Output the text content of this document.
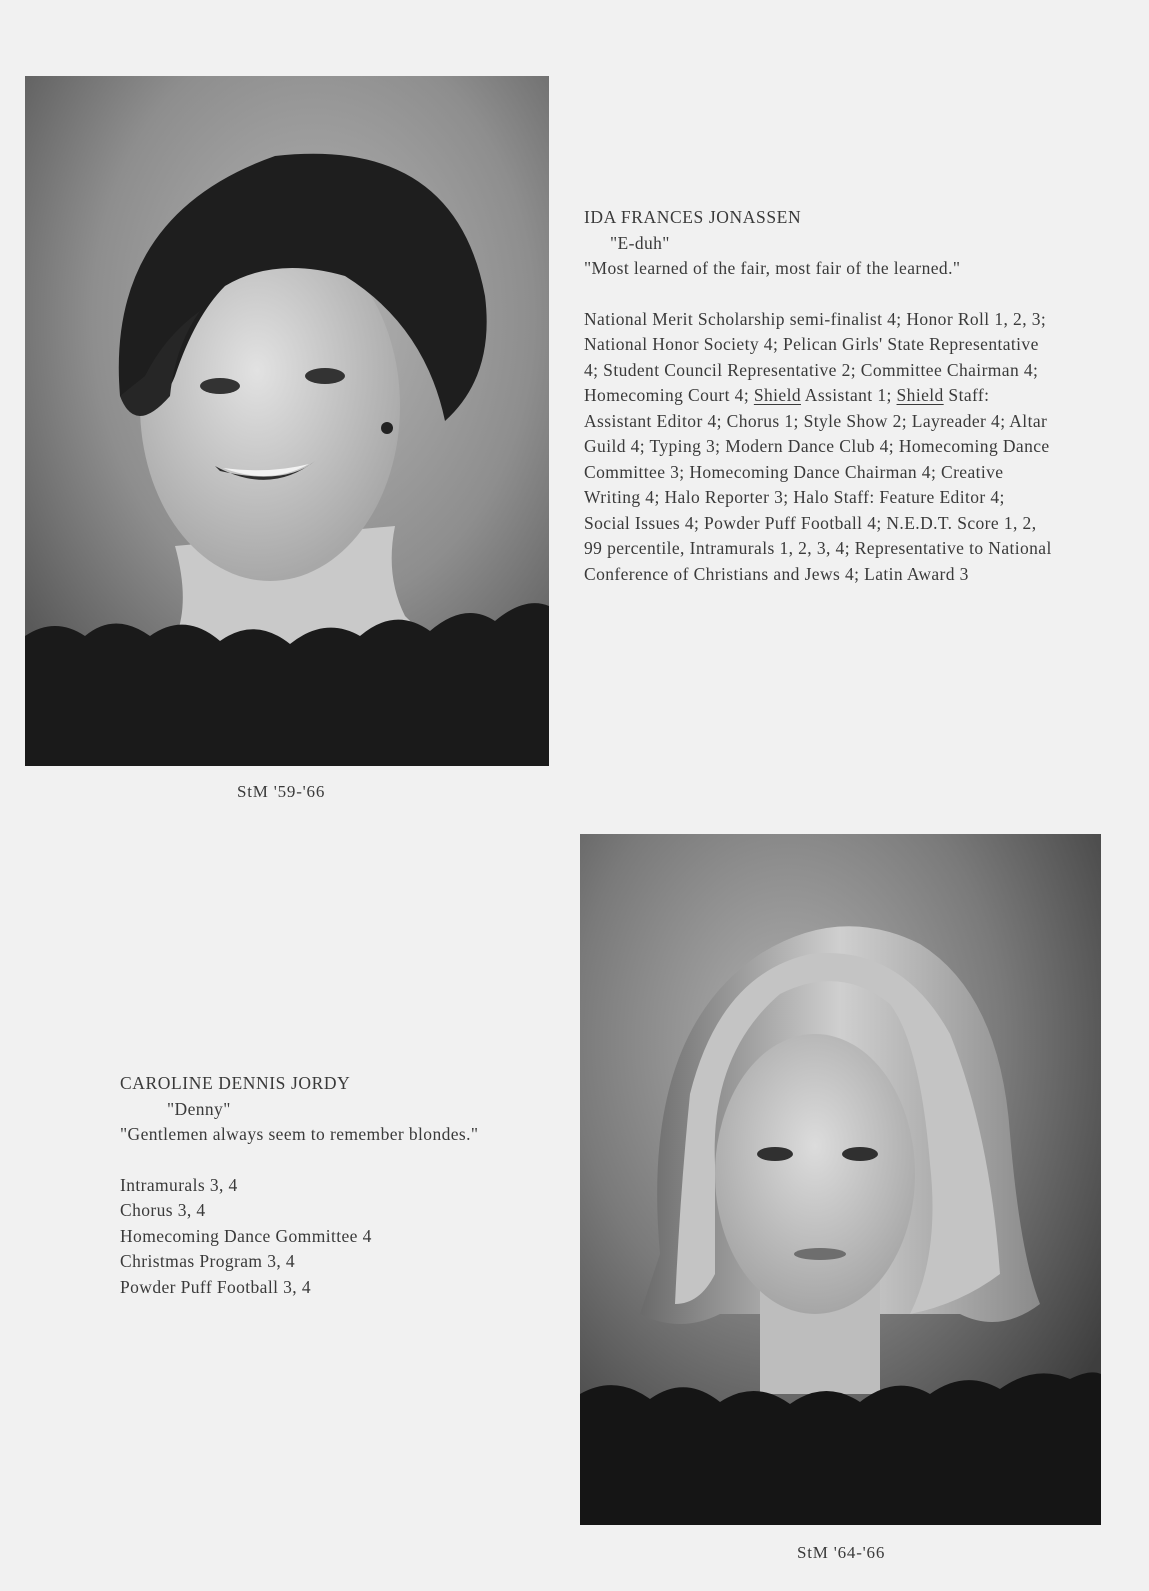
IDA FRANCES JONASSEN
"E-duh"
"Most learned of the fair, most fair of the learned."
National Merit Scholarship semi-finalist 4; Honor Roll 1, 2, 3; National Honor Society 4; Pelican Girls' State Representative 4; Student Council Representative 2; Committee Chairman 4; Homecoming Court 4; Shield Assistant 1; Shield Staff: Assistant Editor 4; Chorus 1; Style Show 2; Layreader 4; Altar Guild 4; Typing 3; Modern Dance Club 4; Homecoming Dance Committee 3; Homecoming Dance Chairman 4; Creative Writing 4; Halo Reporter 3; Halo Staff: Feature Editor 4; Social Issues 4; Powder Puff Football 4; N.E.D.T. Score 1, 2, 99 percentile, Intramurals 1, 2, 3, 4; Representative to National Conference of Christians and Jews 4; Latin Award 3
StM '59-'66
CAROLINE DENNIS JORDY
"Denny"
"Gentlemen always seem to remember blondes."
Intramurals 3, 4
Chorus 3, 4
Homecoming Dance Gommittee 4
Christmas Program 3, 4
Powder Puff Football 3, 4
StM '64-'66
